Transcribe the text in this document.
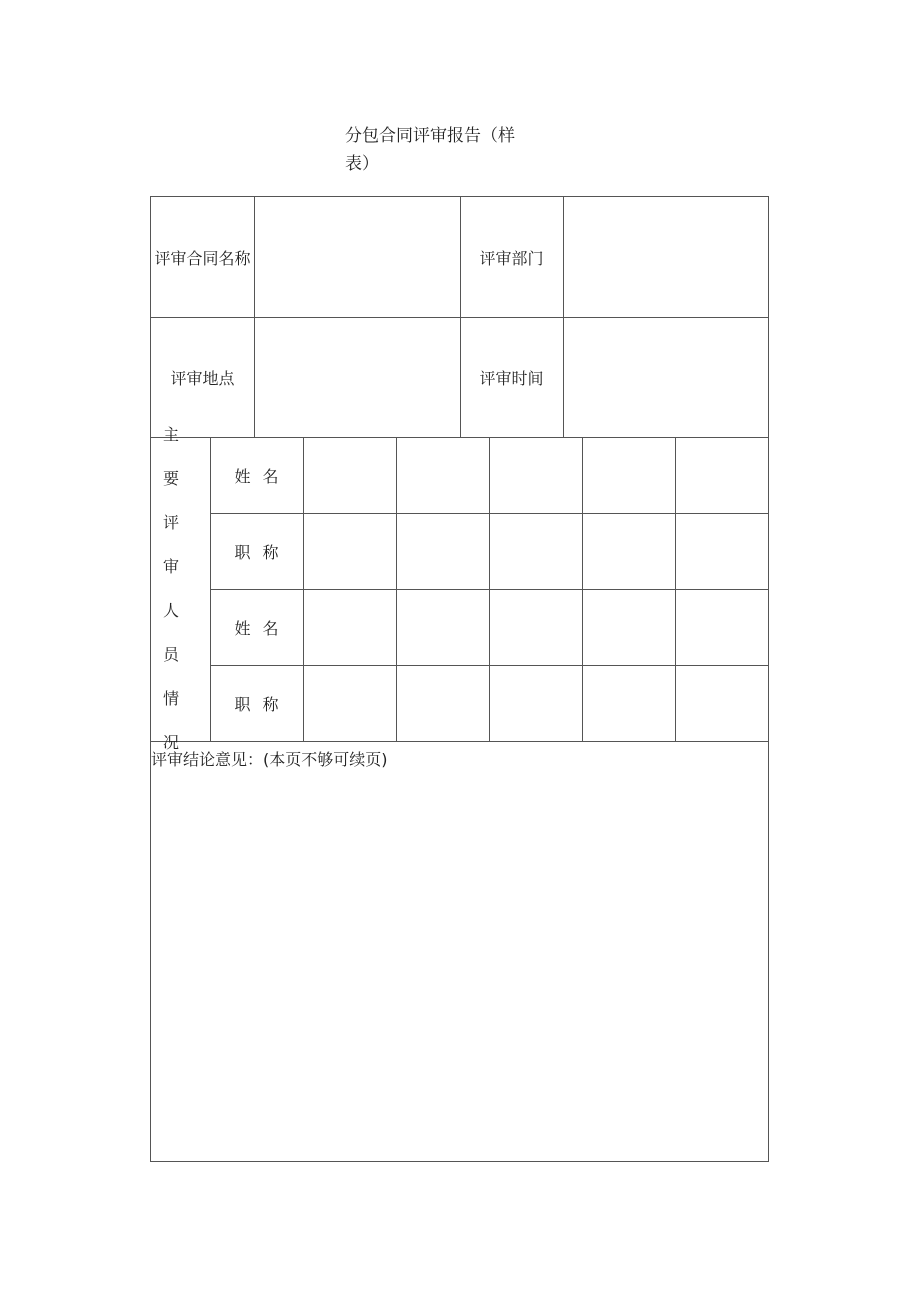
分包合同评审报告（样
表）
评审合同名称	评审部门
评审地点	评审时间
主要
评审
人员
情况
姓名
职称
姓名
职称
评审结论意见：(本页不够可续页)
